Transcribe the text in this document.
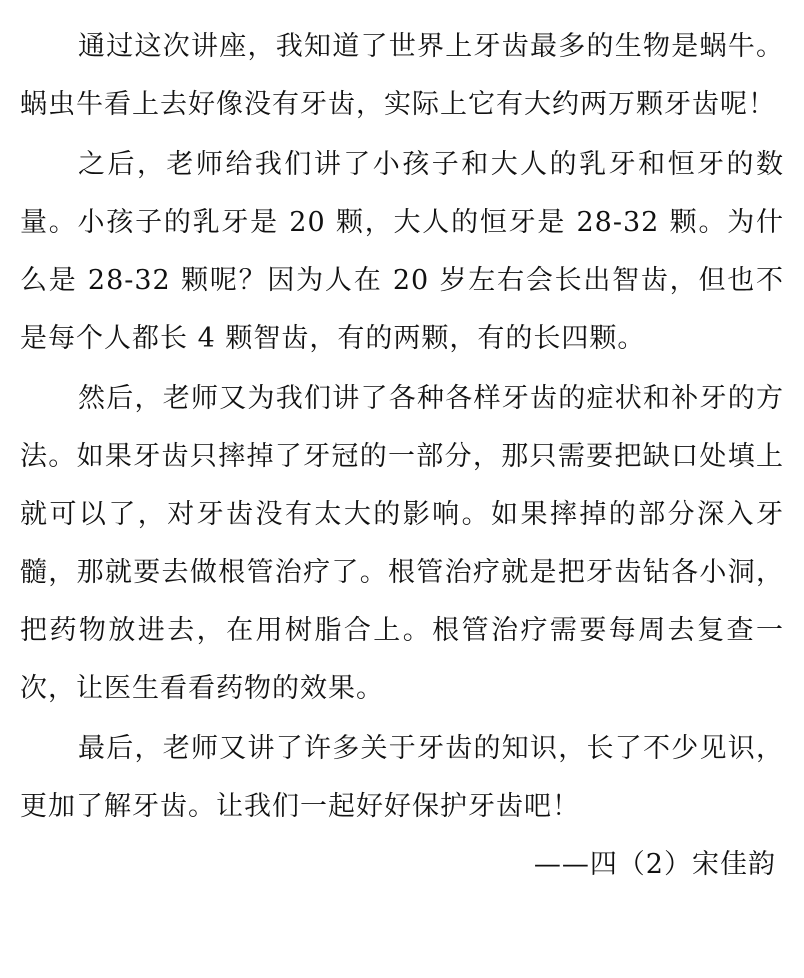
通过这次讲座，我知道了世界上牙齿最多的生物是蜗牛。蜗虫牛看上去好像没有牙齿，实际上它有大约两万颗牙齿呢！

之后，老师给我们讲了小孩子和大人的乳牙和恒牙的数量。小孩子的乳牙是 20 颗，大人的恒牙是 28-32 颗。为什么是 28-32 颗呢？因为人在 20 岁左右会长出智齿，但也不是每个人都长 4 颗智齿，有的两颗，有的长四颗。

然后，老师又为我们讲了各种各样牙齿的症状和补牙的方法。如果牙齿只摔掉了牙冠的一部分，那只需要把缺口处填上就可以了，对牙齿没有太大的影响。如果摔掉的部分深入牙髓，那就要去做根管治疗了。根管治疗就是把牙齿钻各小洞，把药物放进去，在用树脂合上。根管治疗需要每周去复查一次，让医生看看药物的效果。

最后，老师又讲了许多关于牙齿的知识，长了不少见识，更加了解牙齿。让我们一起好好保护牙齿吧！

——四（2）宋佳韵
